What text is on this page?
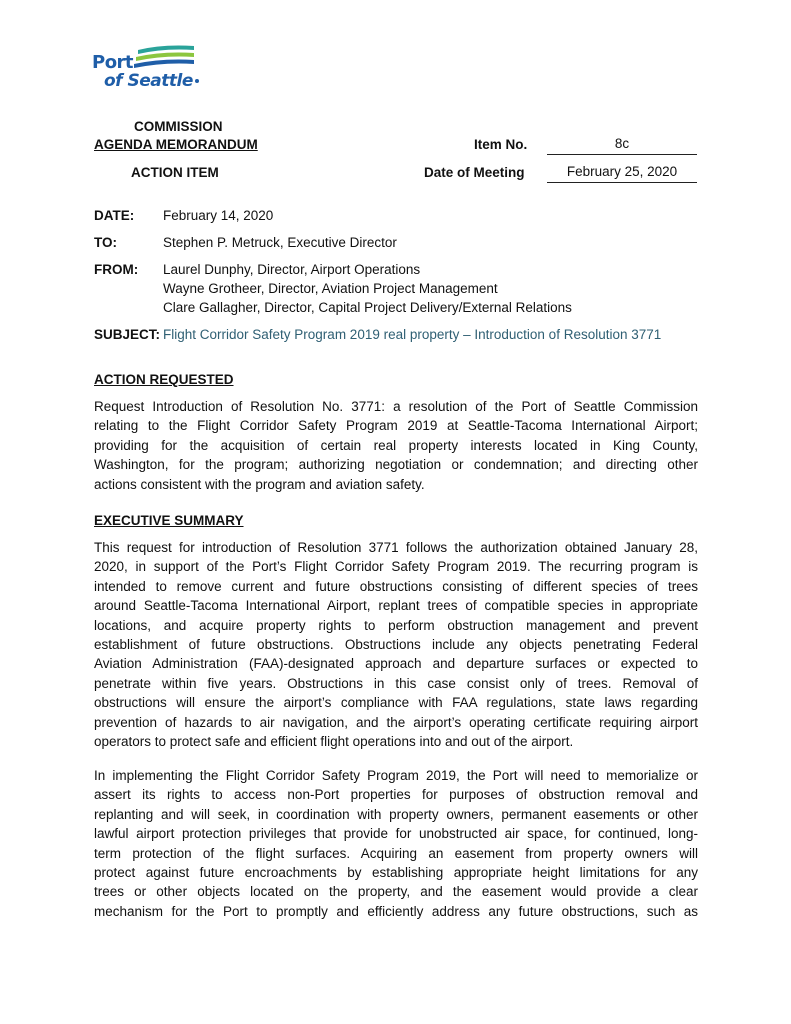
Port
of Seattle
COMMISSION
AGENDA MEMORANDUM
ACTION ITEM
Item No.	8c
Date of Meeting	February 25, 2020
DATE: February 14, 2020
TO:	Stephen P. Metruck, Executive Director
FROM: Laurel Dunphy, Director, Airport Operations
Wayne Grotheer, Director, Aviation Project Management
Clare Gallagher, Director, Capital Project Delivery/External Relations
SUBJECT: Flight Corridor Safety Program 2019 real property – Introduction of Resolution 3771
ACTION REQUESTED
Request Introduction of Resolution No. 3771: a resolution of the Port of Seattle Commission
relating to the Flight Corridor Safety Program 2019 at Seattle-Tacoma International Airport;
providing for the acquisition of certain real property interests located in King County,
Washington, for the program; authorizing negotiation or condemnation; and directing other
actions consistent with the program and aviation safety.
EXECUTIVE SUMMARY
This request for introduction of Resolution 3771 follows the authorization obtained January 28,
2020, in support of the Port’s Flight Corridor Safety Program 2019. The recurring program is
intended to remove current and future obstructions consisting of different species of trees
around Seattle-Tacoma International Airport, replant trees of compatible species in appropriate
locations, and acquire property rights to perform obstruction management and prevent
establishment of future obstructions. Obstructions include any objects penetrating Federal
Aviation Administration (FAA)-designated approach and departure surfaces or expected to
penetrate within five years. Obstructions in this case consist only of trees. Removal of
obstructions will ensure the airport’s compliance with FAA regulations, state laws regarding
prevention of hazards to air navigation, and the airport’s operating certificate requiring airport
operators to protect safe and efficient flight operations into and out of the airport.
In implementing the Flight Corridor Safety Program 2019, the Port will need to memorialize or
assert its rights to access non-Port properties for purposes of obstruction removal and
replanting and will seek, in coordination with property owners, permanent easements or other
lawful airport protection privileges that provide for unobstructed air space, for continued, long-
term protection of the flight surfaces. Acquiring an easement from property owners will
protect against future encroachments by establishing appropriate height limitations for any
trees or other objects located on the property, and the easement would provide a clear
mechanism for the Port to promptly and efficiently address any future obstructions, such as
